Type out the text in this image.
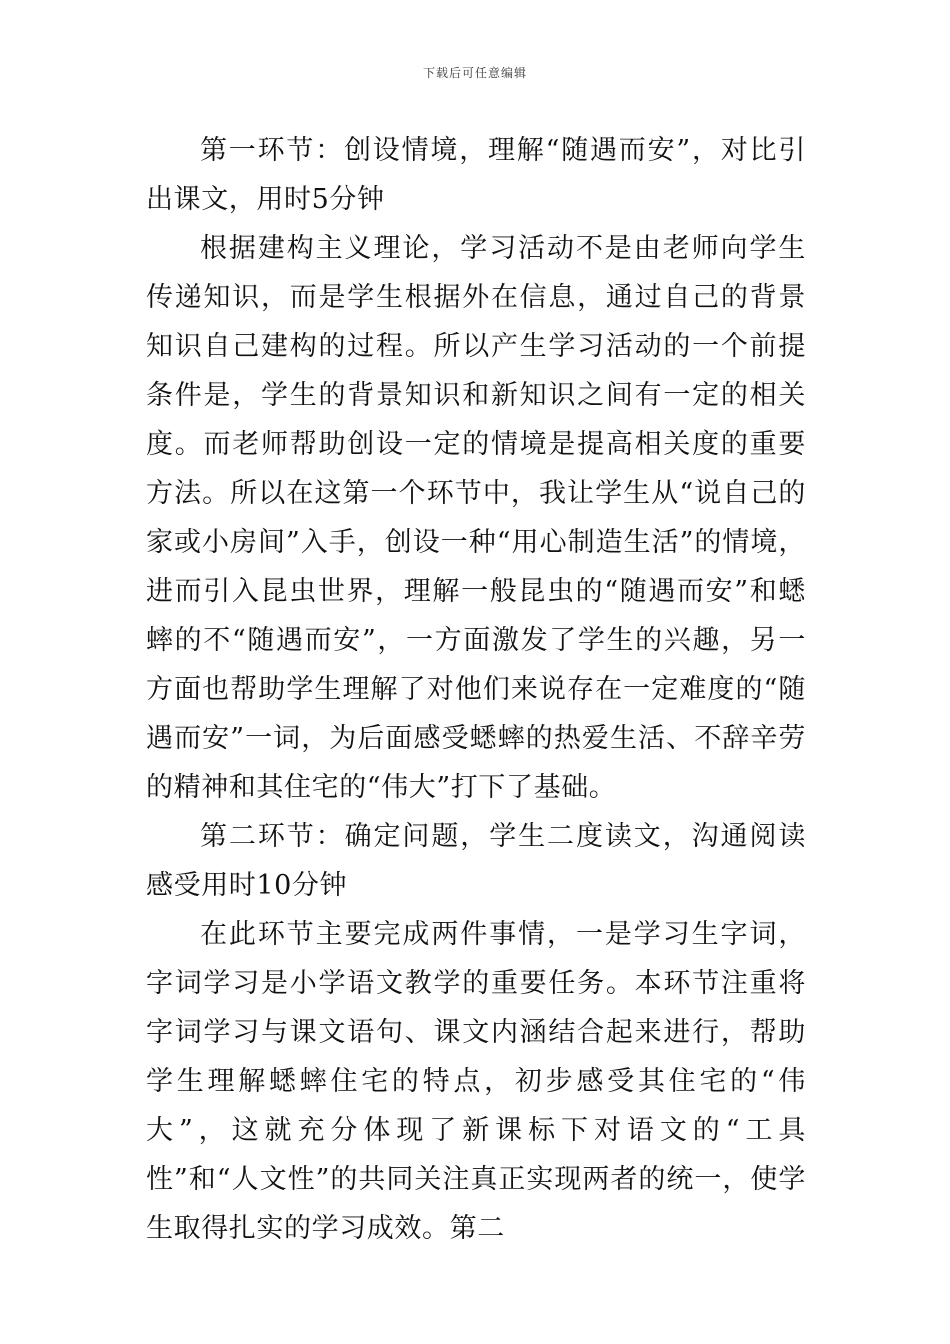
下载后可任意编辑

第一环节：创设情境，理解“随遇而安”，对比引出课文，用时5分钟

根据建构主义理论，学习活动不是由老师向学生传递知识，而是学生根据外在信息，通过自己的背景知识自己建构的过程。所以产生学习活动的一个前提条件是，学生的背景知识和新知识之间有一定的相关度。而老师帮助创设一定的情境是提高相关度的重要方法。所以在这第一个环节中，我让学生从“说自己的家或小房间”入手，创设一种“用心制造生活”的情境，进而引入昆虫世界，理解一般昆虫的“随遇而安”和蟋蟀的不“随遇而安”，一方面激发了学生的兴趣，另一方面也帮助学生理解了对他们来说存在一定难度的“随遇而安”一词，为后面感受蟋蟀的热爱生活、不辞辛劳的精神和其住宅的“伟大”打下了基础。

第二环节：确定问题，学生二度读文，沟通阅读感受用时10分钟

在此环节主要完成两件事情，一是学习生字词，字词学习是小学语文教学的重要任务。本环节注重将字词学习与课文语句、课文内涵结合起来进行，帮助学生理解蟋蟀住宅的特点，初步感受其住宅的“伟大”，这就充分体现了新课标下对语文的“工具性”和“人文性”的共同关注真正实现两者的统一，使学生取得扎实的学习成效。第二
